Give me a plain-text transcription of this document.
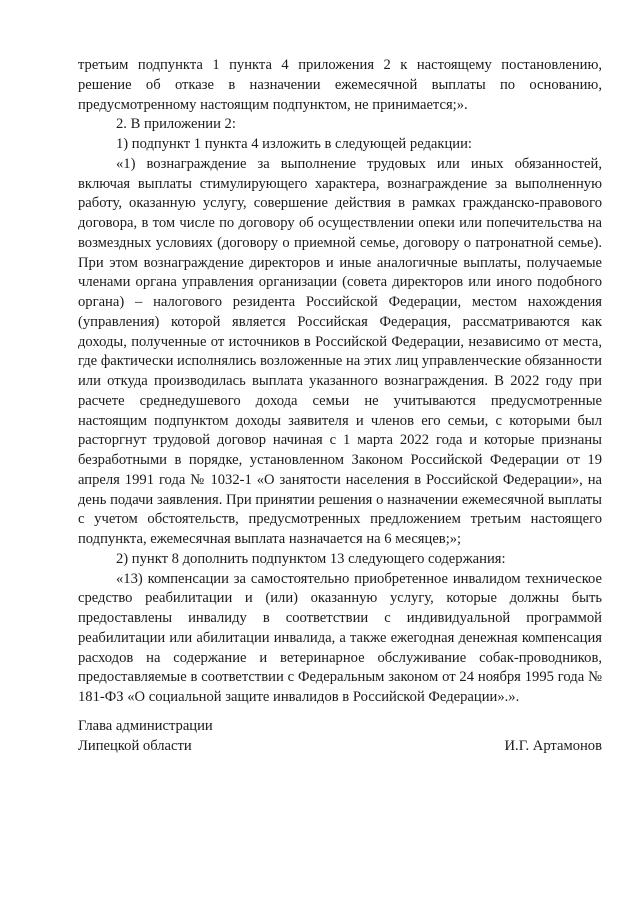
третьим подпункта 1 пункта 4 приложения 2 к настоящему постановлению, решение об отказе в назначении ежемесячной выплаты по основанию, предусмотренному настоящим подпунктом, не принимается;».

2. В приложении 2:

1) подпункт 1 пункта 4 изложить в следующей редакции:

«1) вознаграждение за выполнение трудовых или иных обязанностей, включая выплаты стимулирующего характера, вознаграждение за выполненную работу, оказанную услугу, совершение действия в рамках гражданско-правового договора, в том числе по договору об осуществлении опеки или попечительства на возмездных условиях (договору о приемной семье, договору о патронатной семье). При этом вознаграждение директоров и иные аналогичные выплаты, получаемые членами органа управления организации (совета директоров или иного подобного органа) – налогового резидента Российской Федерации, местом нахождения (управления) которой является Российская Федерация, рассматриваются как доходы, полученные от источников в Российской Федерации, независимо от места, где фактически исполнялись возложенные на этих лиц управленческие обязанности или откуда производилась выплата указанного вознаграждения. В 2022 году при расчете среднедушевого дохода семьи не учитываются предусмотренные настоящим подпунктом доходы заявителя и членов его семьи, с которыми был расторгнут трудовой договор начиная с 1 марта 2022 года и которые признаны безработными в порядке, установленном Законом Российской Федерации от 19 апреля 1991 года № 1032-1 «О занятости населения в Российской Федерации», на день подачи заявления. При принятии решения о назначении ежемесячной выплаты с учетом обстоятельств, предусмотренных предложением третьим настоящего подпункта, ежемесячная выплата назначается на 6 месяцев;»;

2) пункт 8 дополнить подпунктом 13 следующего содержания:

«13) компенсации за самостоятельно приобретенное инвалидом техническое средство реабилитации и (или) оказанную услугу, которые должны быть предоставлены инвалиду в соответствии с индивидуальной программой реабилитации или абилитации инвалида, а также ежегодная денежная компенсация расходов на содержание и ветеринарное обслуживание собак-проводников, предоставляемые в соответствии с Федеральным законом от 24 ноября 1995 года № 181-ФЗ «О социальной защите инвалидов в Российской Федерации».».

Глава администрации
Липецкой области	И.Г. Артамонов
